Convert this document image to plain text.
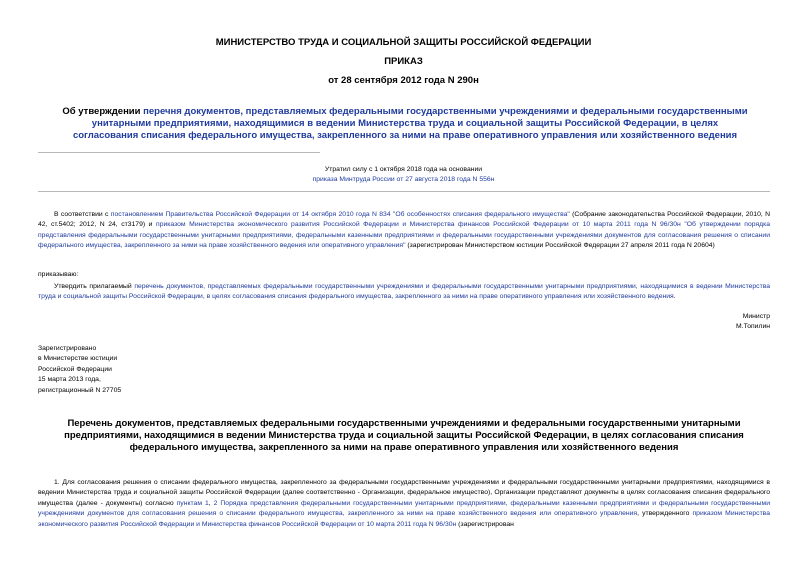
МИНИСТЕРСТВО ТРУДА И СОЦИАЛЬНОЙ ЗАЩИТЫ РОССИЙСКОЙ ФЕДЕРАЦИИ
ПРИКАЗ
от 28 сентября 2012 года N 290н
Об утверждении перечня документов, представляемых федеральными государственными учреждениями и федеральными государственными унитарными предприятиями, находящимися в ведении Министерства труда и социальной защиты Российской Федерации, в целях согласования списания федерального имущества, закрепленного за ними на праве оперативного управления или хозяйственного ведения
Утратил силу с 1 октября 2018 года на основании
приказа Минтруда России от 27 августа 2018 года N 556н
В соответствии с постановлением Правительства Российской Федерации от 14 октября 2010 года N 834 "Об особенностях списания федерального имущества" (Собрание законодательства Российской Федерации, 2010, N 42, ст.5402; 2012, N 24, ст3179) и приказом Министерства экономического развития Российской Федерации и Министерства финансов Российской Федерации от 10 марта 2011 года N 96/30н "Об утверждении порядка представления федеральными государственными унитарными предприятиями, федеральными казенными предприятиями и федеральными государственными учреждениями документов для согласования решения о списании федерального имущества, закрепленного за ними на праве хозяйственного ведения или оперативного управления" (зарегистрирован Министерством юстиции Российской Федерации 27 апреля 2011 года N 20604)
приказываю:
Утвердить прилагаемый перечень документов, представляемых федеральными государственными учреждениями и федеральными государственными унитарными предприятиями, находящимися в ведении Министерства труда и социальной защиты Российской Федерации, в целях согласования списания федерального имущества, закрепленного за ними на праве оперативного управления или хозяйственного ведения.
Министр
М.Топилин
Зарегистрировано
в Министерстве юстиции
Российской Федерации
15 марта 2013 года,
регистрационный N 27705
Перечень документов, представляемых федеральными государственными учреждениями и федеральными государственными унитарными предприятиями, находящимися в ведении Министерства труда и социальной защиты Российской Федерации, в целях согласования списания федерального имущества, закрепленного за ними на праве оперативного управления или хозяйственного ведения
1. Для согласования решения о списании федерального имущества, закрепленного за федеральными государственными учреждениями и федеральными государственными унитарными предприятиями, находящимися в ведении Министерства труда и социальной защиты Российской Федерации (далее соответственно - Организации, федеральное имущество), Организации представляют документы в целях согласования списания федерального имущества (далее - документы) согласно пунктам 1, 2 Порядка представления федеральными государственными унитарными предприятиями, федеральными казенными предприятиями и федеральными государственными учреждениями документов для согласования решения о списании федерального имущества, закрепленного за ними на праве хозяйственного ведения или оперативного управления, утвержденного приказом Министерства экономического развития Российской Федерации и Министерства финансов Российской Федерации от 10 марта 2011 года N 96/30н (зарегистрирован
